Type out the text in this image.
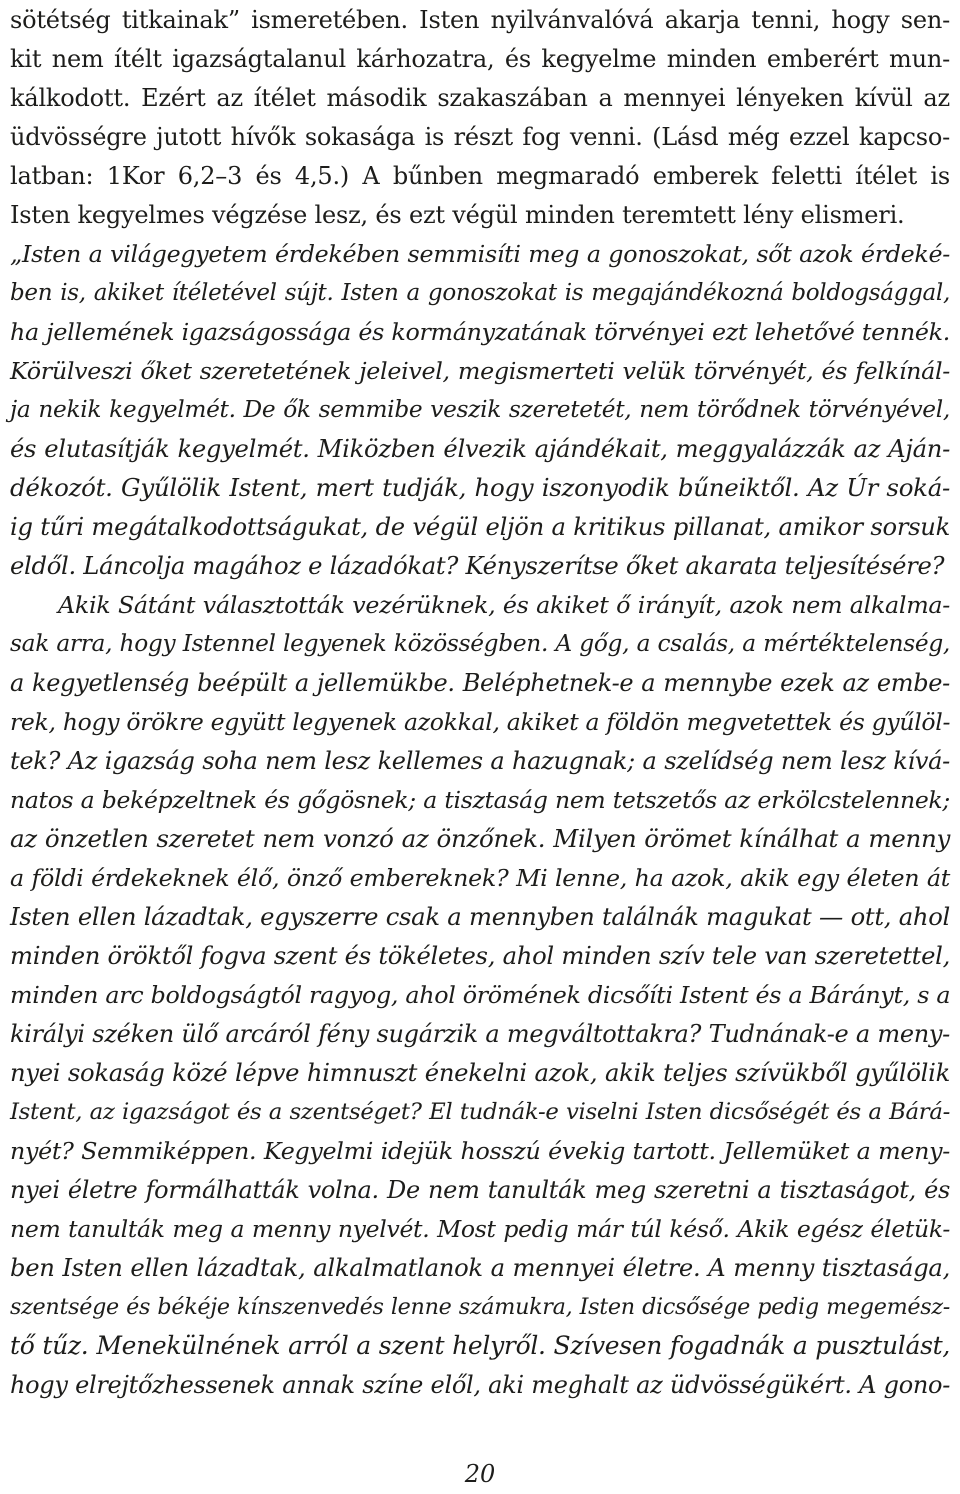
sötétség titkainak” ismeretében. Isten nyilvánvalóvá akarja tenni, hogy sen-
kit nem ítélt igazságtalanul kárhozatra, és kegyelme minden emberért mun-
kálkodott. Ezért az ítélet második szakaszában a mennyei lényeken kívül az
üdvösségre jutott hívők sokasága is részt fog venni. (Lásd még ezzel kapcso-
latban: 1Kor 6,2–3 és 4,5.) A bűnben megmaradó emberek feletti ítélet is
Isten kegyelmes végzése lesz, és ezt végül minden teremtett lény elismeri.
„Isten a világegyetem érdekében semmisíti meg a gonoszokat, sőt azok érdeké-
ben is, akiket ítéletével sújt. Isten a gonoszokat is megajándékozná boldogsággal,
ha jellemének igazságossága és kormányzatának törvényei ezt lehetővé tennék.
Körülveszi őket szeretetének jeleivel, megismerteti velük törvényét, és felkínál-
ja nekik kegyelmét. De ők semmibe veszik szeretetét, nem törődnek törvényével,
és elutasítják kegyelmét. Miközben élvezik ajándékait, meggyalázzák az Aján-
dékozót. Gyűlölik Istent, mert tudják, hogy iszonyodik bűneiktől. Az Úr soká-
ig tűri megátalkodottságukat, de végül eljön a kritikus pillanat, amikor sorsuk
eldől. Láncolja magához e lázadókat? Kényszerítse őket akarata teljesítésére?
Akik Sátánt választották vezérüknek, és akiket ő irányít, azok nem alkalma-
sak arra, hogy Istennel legyenek közösségben. A gőg, a csalás, a mértéktelenség,
a kegyetlenség beépült a jellemükbe. Beléphetnek-e a mennybe ezek az embe-
rek, hogy örökre együtt legyenek azokkal, akiket a földön megvetettek és gyűlöl-
tek? Az igazság soha nem lesz kellemes a hazugnak; a szelídség nem lesz kívá-
natos a beképzeltnek és gőgösnek; a tisztaság nem tetszetős az erkölcstelennek;
az önzetlen szeretet nem vonzó az önzőnek. Milyen örömet kínálhat a menny
a földi érdekeknek élő, önző embereknek? Mi lenne, ha azok, akik egy életen át
Isten ellen lázadtak, egyszerre csak a mennyben találnák magukat — ott, ahol
minden öröktől fogva szent és tökéletes, ahol minden szív tele van szeretettel,
minden arc boldogságtól ragyog, ahol örömének dicsőíti Istent és a Bárányt, s a
királyi széken ülő arcáról fény sugárzik a megváltottakra? Tudnának-e a meny-
nyei sokaság közé lépve himnuszt énekelni azok, akik teljes szívükből gyűlölik
Istent, az igazságot és a szentséget? El tudnák-e viselni Isten dicsőségét és a Bárá-
nyét? Semmiképpen. Kegyelmi idejük hosszú évekig tartott. Jellemüket a meny-
nyei életre formálhatták volna. De nem tanulták meg szeretni a tisztaságot, és
nem tanulták meg a menny nyelvét. Most pedig már túl késő. Akik egész életük-
ben Isten ellen lázadtak, alkalmatlanok a mennyei életre. A menny tisztasága,
szentsége és békéje kínszenvedés lenne számukra, Isten dicsősége pedig megemész-
tő tűz. Menekülnének arról a szent helyről. Szívesen fogadnák a pusztulást,
hogy elrejtőzhessenek annak színe elől, aki meghalt az üdvösségükért. A gono-
20
